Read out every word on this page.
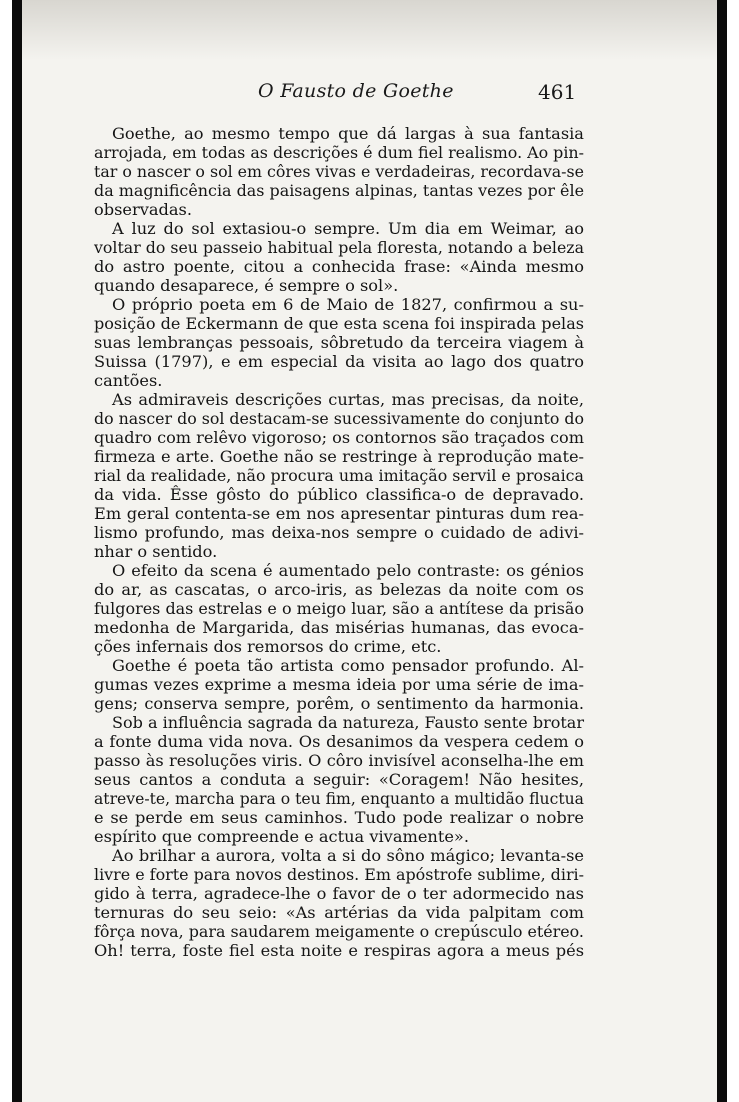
O Fausto de Goethe	461
Goethe, ao mesmo tempo que dá largas à sua fantasia
arrojada, em todas as descrições é dum fiel realismo. Ao pin-
tar o nascer o sol em côres vivas e verdadeiras, recordava-se
da magnificência das paisagens alpinas, tantas vezes por êle
observadas.
A luz do sol extasiou-o sempre. Um dia em Weimar, ao
voltar do seu passeio habitual pela floresta, notando a beleza
do astro poente, citou a conhecida frase: «Ainda mesmo
quando desaparece, é sempre o sol».
O próprio poeta em 6 de Maio de 1827, confirmou a su-
posição de Eckermann de que esta scena foi inspirada pelas
suas lembranças pessoais, sôbretudo da terceira viagem à
Suissa (1797), e em especial da visita ao lago dos quatro
cantões.
As admiraveis descrições curtas, mas precisas, da noite,
do nascer do sol destacam-se sucessivamente do conjunto do
quadro com relêvo vigoroso; os contornos são traçados com
firmeza e arte. Goethe não se restringe à reprodução mate-
rial da realidade, não procura uma imitação servil e prosaica
da vida. Êsse gôsto do público classifica-o de depravado.
Em geral contenta-se em nos apresentar pinturas dum rea-
lismo profundo, mas deixa-nos sempre o cuidado de adivi-
nhar o sentido.
O efeito da scena é aumentado pelo contraste: os génios
do ar, as cascatas, o arco-iris, as belezas da noite com os
fulgores das estrelas e o meigo luar, são a antítese da prisão
medonha de Margarida, das misérias humanas, das evoca-
ções infernais dos remorsos do crime, etc.
Goethe é poeta tão artista como pensador profundo. Al-
gumas vezes exprime a mesma ideia por uma série de ima-
gens; conserva sempre, porêm, o sentimento da harmonia.
Sob a influência sagrada da natureza, Fausto sente brotar
a fonte duma vida nova. Os desanimos da vespera cedem o
passo às resoluções viris. O côro invisível aconselha-lhe em
seus cantos a conduta a seguir: «Coragem! Não hesites,
atreve-te, marcha para o teu fim, enquanto a multidão fluctua
e se perde em seus caminhos. Tudo pode realizar o nobre
espírito que compreende e actua vivamente».
Ao brilhar a aurora, volta a si do sôno mágico; levanta-se
livre e forte para novos destinos. Em apóstrofe sublime, diri-
gido à terra, agradece-lhe o favor de o ter adormecido nas
ternuras do seu seio: «As artérias da vida palpitam com
fôrça nova, para saudarem meigamente o crepúsculo etéreo.
Oh! terra, foste fiel esta noite e respiras agora a meus pés
